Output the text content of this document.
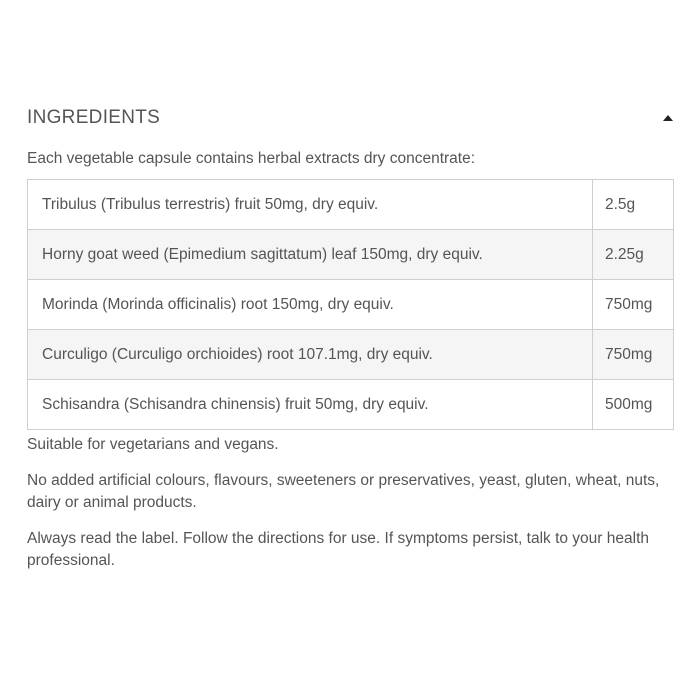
INGREDIENTS

Each vegetable capsule contains herbal extracts dry concentrate:

Tribulus (Tribulus terrestris) fruit 50mg, dry equiv.	2.5g
Horny goat weed (Epimedium sagittatum) leaf 150mg, dry equiv.	2.25g
Morinda (Morinda officinalis) root 150mg, dry equiv.	750mg
Curculigo (Curculigo orchioides) root 107.1mg, dry equiv.	750mg
Schisandra (Schisandra chinensis) fruit 50mg, dry equiv.	500mg

Suitable for vegetarians and vegans.

No added artificial colours, flavours, sweeteners or preservatives, yeast, gluten, wheat, nuts, dairy or animal products.

Always read the label. Follow the directions for use. If symptoms persist, talk to your health professional.
